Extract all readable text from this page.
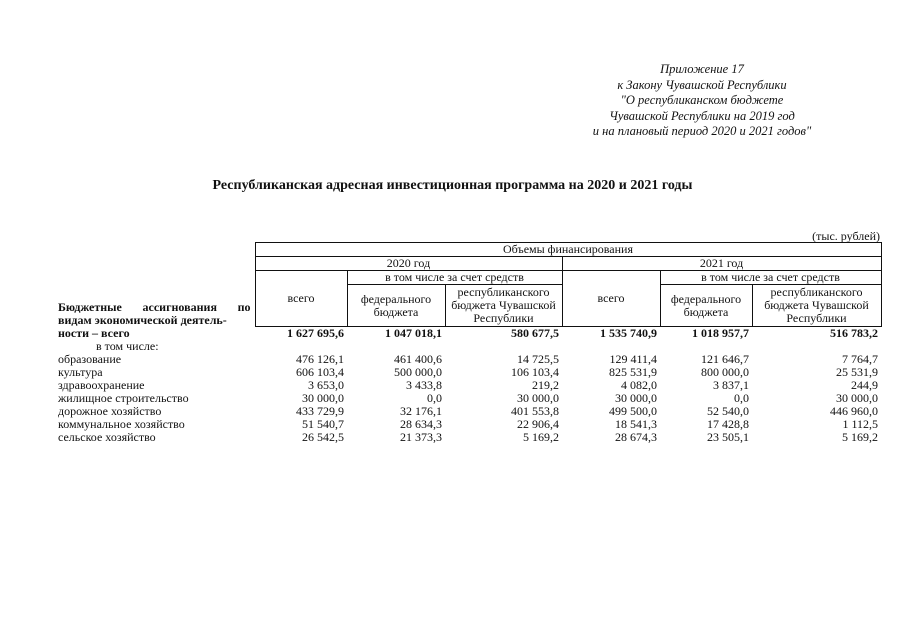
Приложение 17
к Закону Чувашской Республики
"О республиканском бюджете
Чувашской Республики на 2019 год
и на плановый период 2020 и 2021 годов"
Республиканская адресная инвестиционная программа на 2020 и 2021 годы
(тыс. рублей)
Бюджетные ассигнования по видам экономической деятель-	Объемы финансирования					
	2020 год			2021 год		
	всего	в том числе за счет средств		всего	в том числе за счет средств	
		федерального бюджета	республиканского бюджета Чувашской Республики		федерального бюджета	республиканского бюджета Чувашской Республики
ности – всего	1 627 695,6	1 047 018,1	580 677,5	1 535 740,9	1 018 957,7	516 783,2
в том числе:						
образование	476 126,1	461 400,6	14 725,5	129 411,4	121 646,7	7 764,7
культура	606 103,4	500 000,0	106 103,4	825 531,9	800 000,0	25 531,9
здравоохранение	3 653,0	3 433,8	219,2	4 082,0	3 837,1	244,9
жилищное строительство	30 000,0	0,0	30 000,0	30 000,0	0,0	30 000,0
дорожное хозяйство	433 729,9	32 176,1	401 553,8	499 500,0	52 540,0	446 960,0
коммунальное хозяйство	51 540,7	28 634,3	22 906,4	18 541,3	17 428,8	1 112,5
сельское хозяйство	26 542,5	21 373,3	5 169,2	28 674,3	23 505,1	5 169,2
